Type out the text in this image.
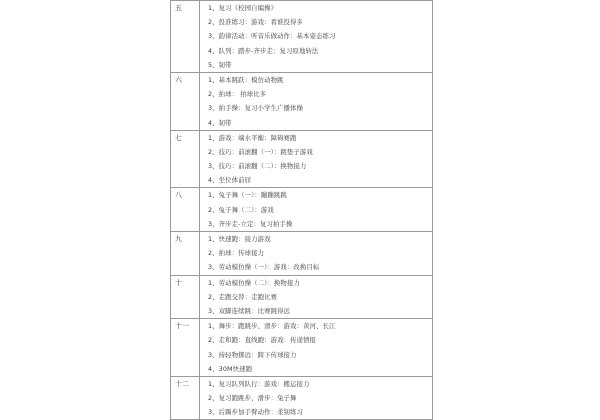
五	1、复习《校园自编操》
2、投准练习：游戏：看谁投得多
3、韵律活动：听音乐做动作：基本姿态练习
4、队列：踏步-齐步走：复习原地转法
5、韧带

六	1、基本跳跃：模仿动物跳
2、拍球： 拍球比多
3、拍手操：复习小学生广播体操
4、韧带

七	1、游戏：端水平衡：障碍赛跑
2、技巧：前滚翻（一）：跳垫子游戏
3、技巧：前滚翻（二）：换物接力
4、坐位体前屈

八	1、兔子舞（一）：蹦蹦跳跳
2、兔子舞（二）：游戏
3、齐步走-立定：复习拍手操

九	1、快速跑：接力游戏
2、拍球：传球接力
3、劳动模仿操（一）：游戏：改换目标

十	1、劳动模仿操（二）：换物接力
2、走跑交替：走跑比赛
3、双脚连续跳：比赛跳得远

十一	1、舞步：跑跳步、滑步：游戏：黄河、长江
2、走和跑：直线跑：游戏：传递情报
3、持轻物掷远：跨下传球接力
4、30M快速跑

十二	1、复习队列队行：游戏：搬运接力
2、复习跑跳步、滑步：兔子舞
3、后踢步加手臂动作：柔韧练习
